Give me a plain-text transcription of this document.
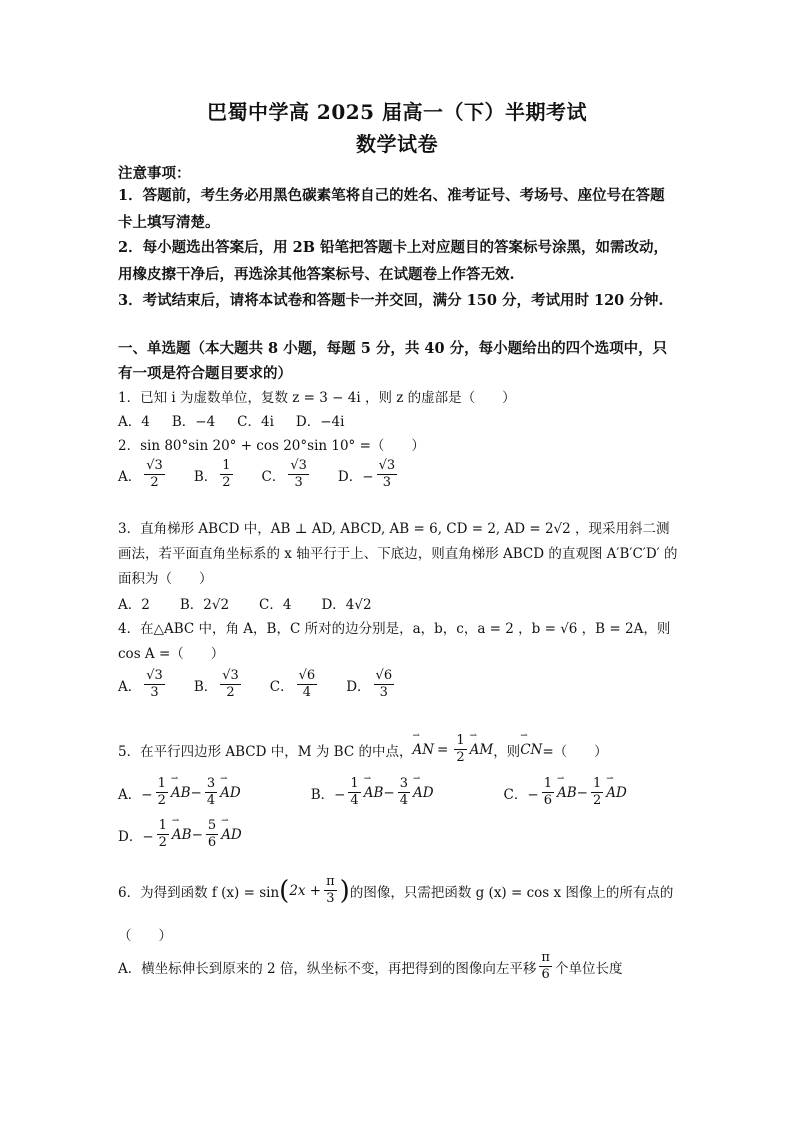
巴蜀中学高 2025 届高一（下）半期考试
数学试卷
注意事项：
1．答题前，考生务必用黑色碳素笔将自己的姓名、准考证号、考场号、座位号在答题卡上填写清楚。
2．每小题选出答案后，用 2B 铅笔把答题卡上对应题目的答案标号涂黑，如需改动，用橡皮擦干净后，再选涂其他答案标号、在试题卷上作答无效.
3．考试结束后，请将本试卷和答题卡一并交回，满分 150 分，考试用时 120 分钟.
一、单选题（本大题共 8 小题，每题 5 分，共 40 分，每小题给出的四个选项中，只有一项是符合题目要求的）
1．已知 i 为虚数单位，复数 z = 3 − 4i ，则 z 的虚部是（　　）
A．4 B．−4 C．4i D．−4i
2．sin 80°sin 20° + cos 20°sin 10° =（　　）
A． $\frac{√3}{2}$ B． $\frac{1}{2}$ C． $\frac{√3}{3}$ D．− $\frac{√3}{3}$
3．直角梯形 ABCD 中，AB ⊥ AD, ABCD, AB = 6, CD = 2, AD = 2√2 ，现采用斜二测画法，若平面直角坐标系的 x 轴平行于上、下底边，则直角梯形 ABCD 的直观图 A′B′C′D′ 的面积为（　　）
A．2 B．2√2 C．4 D．4√2
4．在△ABC 中，角 A，B，C 所对的边分别是，a，b，c，a = 2 ，b = √6 ，B = 2A，则 cos A =（　　）
A． $\frac{√3}{3}$ B． $\frac{√3}{2}$ C． $\frac{√6}{4}$ D． $\frac{√6}{3}$
5．在平行四边形 ABCD 中，M 为 BC 的中点， ⇀ AN = $\frac{1}{2}$ ⇀ AM ，则 ⇀ CN =（　　）
A．− $\frac{1}{2}$ ⇀ AB − $\frac{3}{4}$ ⇀ AD	B．− $\frac{1}{4}$ ⇀ AB − $\frac{3}{4}$ ⇀ AD	C．− $\frac{1}{6}$ ⇀ AB − $\frac{1}{2}$ ⇀ AD
D．− $\frac{1}{2}$ ⇀ AB − $\frac{5}{6}$ ⇀ AD
6．为得到函数 f (x) = sin ( $2x + \frac{\pi}{3}$ ) 的图像，只需把函数 g (x) = cos x 图像上的所有点的
（　　）
A．横坐标伸长到原来的 2 倍，纵坐标不变，再把得到的图像向左平移 $\frac{\pi}{6}$ 个单位长度
